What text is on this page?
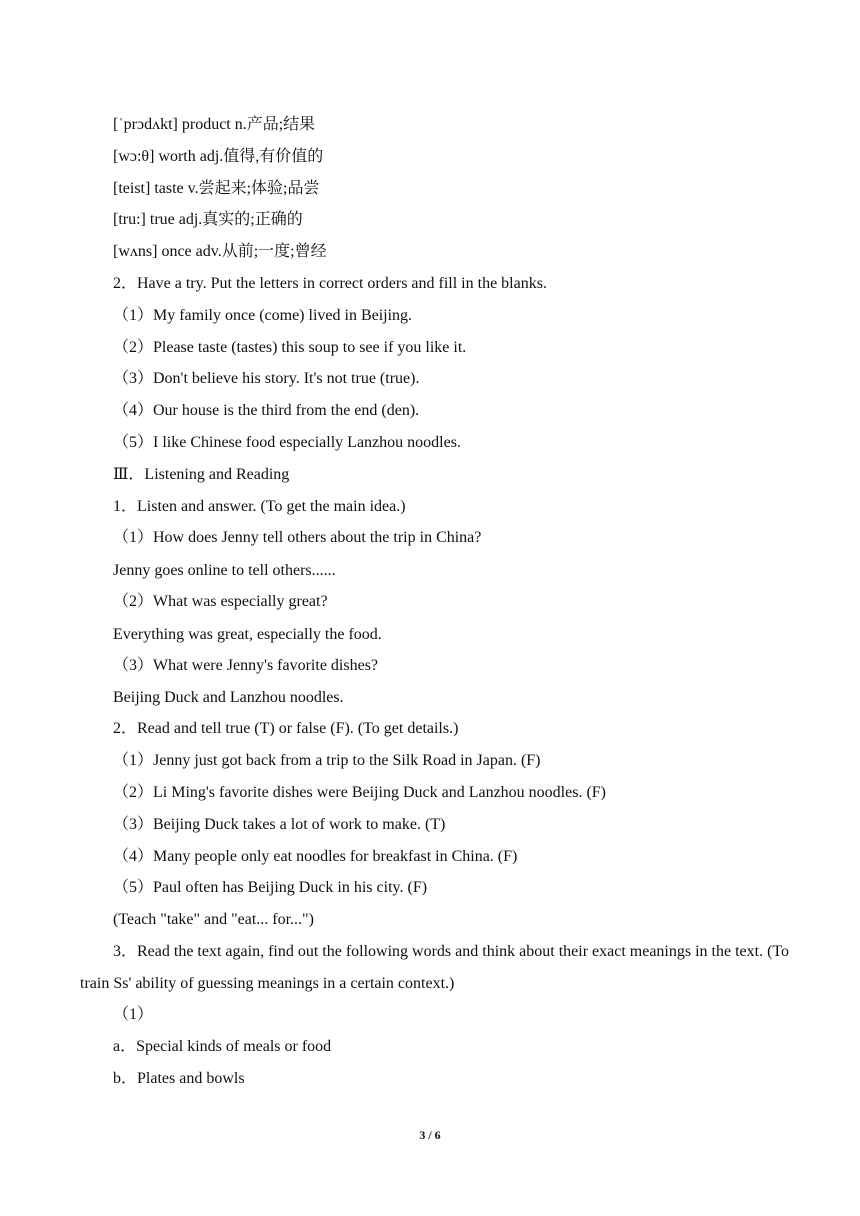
[ˈprɔdʌkt] product n.产品;结果
[wɔ:θ] worth adj.值得,有价值的
[teist] taste v.尝起来;体验;品尝
[tru:] true adj.真实的;正确的
[wʌns] once adv.从前;一度;曾经
2．Have a try. Put the letters in correct orders and fill in the blanks.
（1）My family once (come) lived in Beijing.
（2）Please taste (tastes) this soup to see if you like it.
（3）Don't believe his story. It's not true (true).
（4）Our house is the third from the end (den).
（5）I like Chinese food especially Lanzhou noodles.
Ⅲ．Listening and Reading
1．Listen and answer. (To get the main idea.)
（1）How does Jenny tell others about the trip in China?
Jenny goes online to tell others......
（2）What was especially great?
Everything was great, especially the food.
（3）What were Jenny's favorite dishes?
Beijing Duck and Lanzhou noodles.
2．Read and tell true (T) or false (F). (To get details.)
（1）Jenny just got back from a trip to the Silk Road in Japan. (F)
（2）Li Ming's favorite dishes were Beijing Duck and Lanzhou noodles. (F)
（3）Beijing Duck takes a lot of work to make. (T)
（4）Many people only eat noodles for breakfast in China. (F)
（5）Paul often has Beijing Duck in his city. (F)
(Teach "take" and "eat... for...")
3．Read the text again, find out the following words and think about their exact meanings in the text. (To train Ss' ability of guessing meanings in a certain context.)
（1）
a．Special kinds of meals or food
b．Plates and bowls
3 / 6
